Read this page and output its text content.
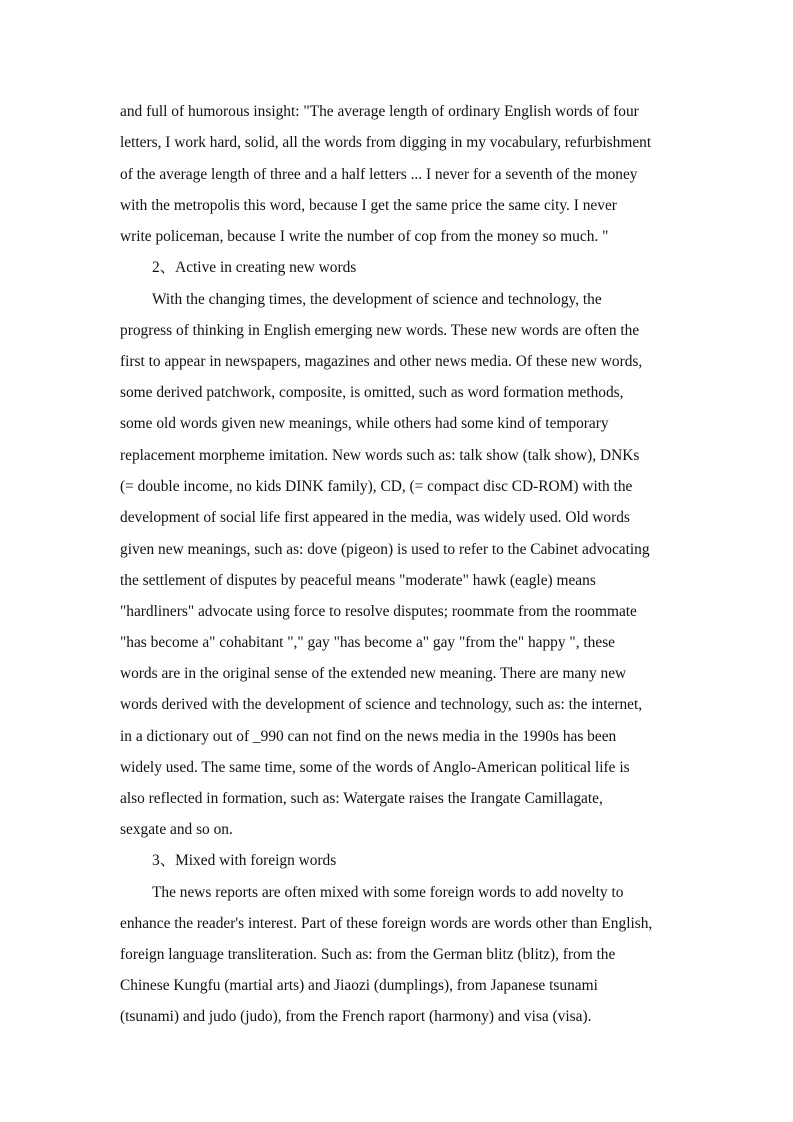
and full of humorous insight: "The average length of ordinary English words of four

letters, I work hard, solid, all the words from digging in my vocabulary, refurbishment

of the average length of three and a half letters ... I never for a seventh of the money

with the metropolis this word, because I get the same price the same city. I never

write policeman, because I write the number of cop from the money so much. "

2、Active in creating new words

With the changing times, the development of science and technology, the

progress of thinking in English emerging new words. These new words are often the

first to appear in newspapers, magazines and other news media. Of these new words,

some derived patchwork, composite, is omitted, such as word formation methods,

some old words given new meanings, while others had some kind of temporary

replacement morpheme imitation. New words such as: talk show (talk show), DNKs

(= double income, no kids DINK family), CD, (= compact disc CD-ROM) with the

development of social life first appeared in the media, was widely used. Old words

given new meanings, such as: dove (pigeon) is used to refer to the Cabinet advocating

the settlement of disputes by peaceful means "moderate" hawk (eagle) means

"hardliners" advocate using force to resolve disputes; roommate from the roommate

"has become a" cohabitant "," gay "has become a" gay "from the" happy ", these

words are in the original sense of the extended new meaning. There are many new

words derived with the development of science and technology, such as: the internet,

in a dictionary out of _990 can not find on the news media in the 1990s has been

widely used. The same time, some of the words of Anglo-American political life is

also reflected in formation, such as: Watergate raises the Irangate Camillagate,

sexgate and so on.

3、Mixed with foreign words

The news reports are often mixed with some foreign words to add novelty to

enhance the reader's interest. Part of these foreign words are words other than English,

foreign language transliteration. Such as: from the German blitz (blitz), from the

Chinese Kungfu (martial arts) and Jiaozi (dumplings), from Japanese tsunami

(tsunami) and judo (judo), from the French raport (harmony) and visa (visa).
